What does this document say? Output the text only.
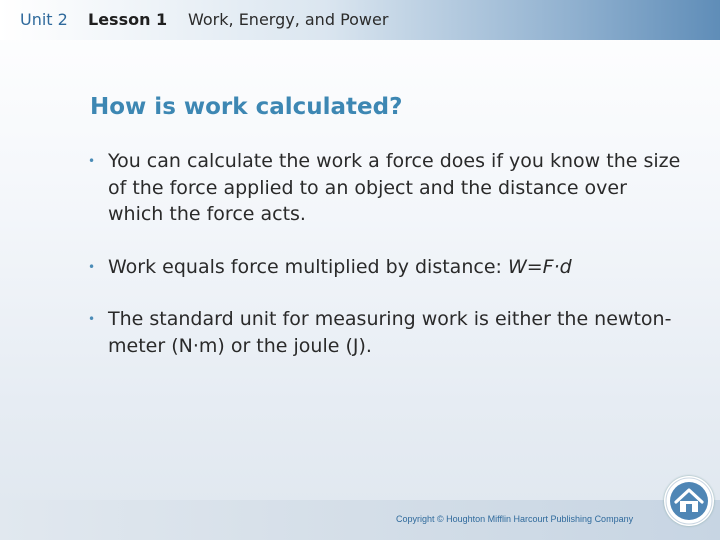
Unit 2 Lesson 1 Work, Energy, and Power
How is work calculated?
• You can calculate the work a force does if you know the size of the force applied to an object and the distance over which the force acts.
• Work equals force multiplied by distance: W=F·d
• The standard unit for measuring work is either the newton-meter (N·m) or the joule (J).
Copyright © Houghton Mifflin Harcourt Publishing Company
